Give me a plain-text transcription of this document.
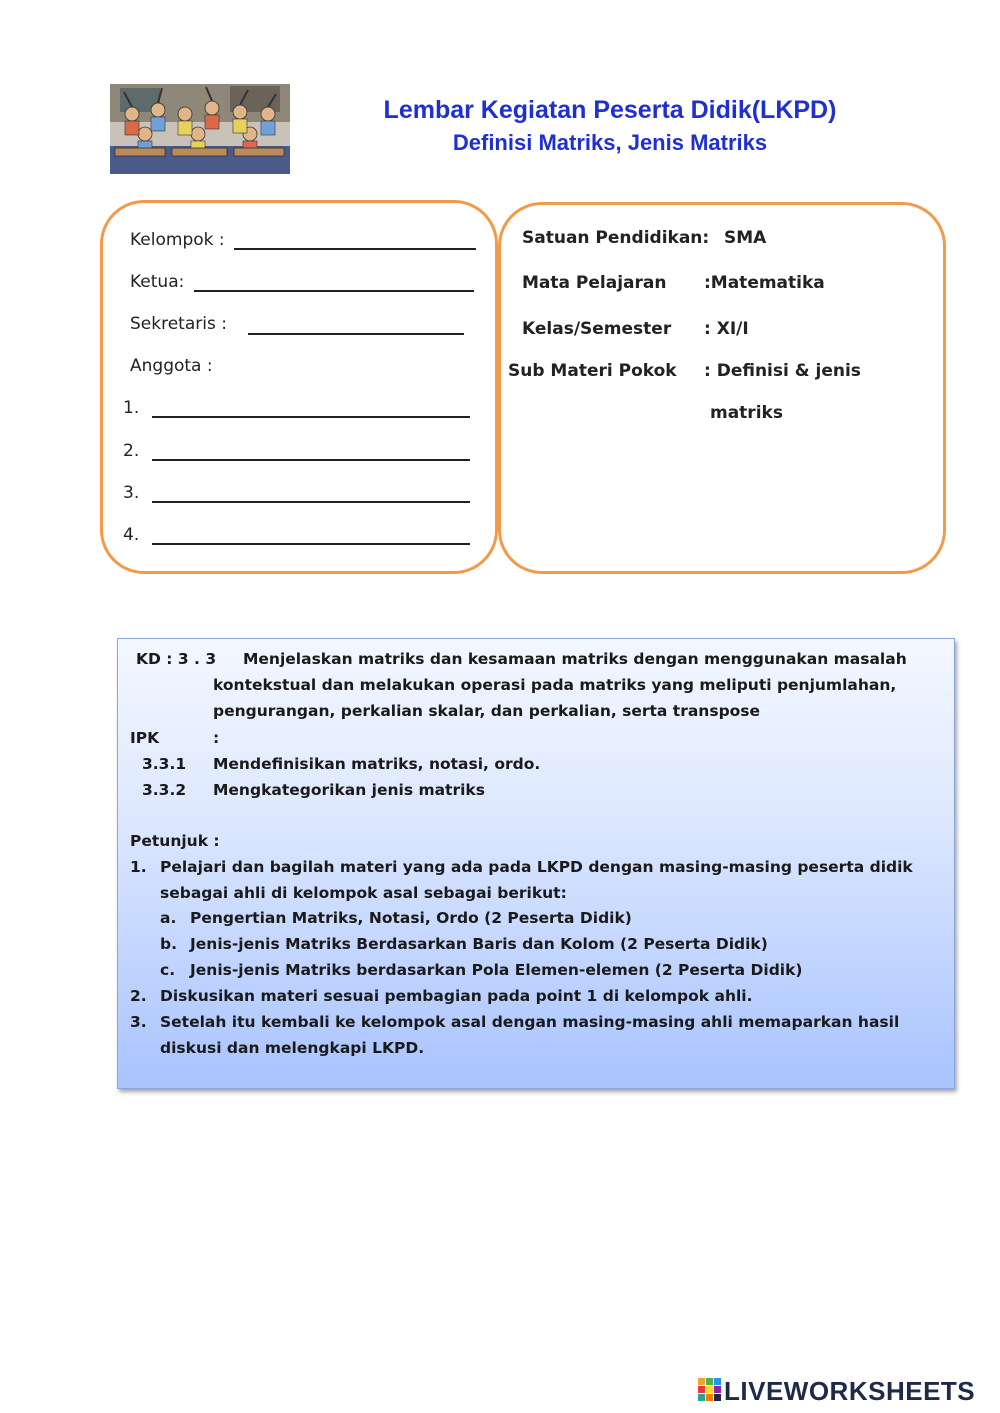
Lembar Kegiatan Peserta Didik(LKPD)
Definisi Matriks, Jenis Matriks
Kelompok :
Ketua:
Sekretaris :
Anggota :
1.
2.
3.
4.
Satuan Pendidikan: SMA
Mata Pelajaran :Matematika
Kelas/Semester : XI/I
Sub Materi Pokok : Definisi & jenis
matriks
KD : 3 . 3 Menjelaskan matriks dan kesamaan matriks dengan menggunakan masalah
kontekstual dan melakukan operasi pada matriks yang meliputi penjumlahan,
pengurangan, perkalian skalar, dan perkalian, serta transpose
IPK	:
3.3.1 Mendefinisikan matriks, notasi, ordo.
3.3.2 Mengkategorikan jenis matriks
Petunjuk :
1. Pelajari dan bagilah materi yang ada pada LKPD dengan masing-masing peserta didik
sebagai ahli di kelompok asal sebagai berikut:
a. Pengertian Matriks, Notasi, Ordo (2 Peserta Didik)
b. Jenis-jenis Matriks Berdasarkan Baris dan Kolom (2 Peserta Didik)
c. Jenis-jenis Matriks berdasarkan Pola Elemen-elemen (2 Peserta Didik)
2. Diskusikan materi sesuai pembagian pada point 1 di kelompok ahli.
3. Setelah itu kembali ke kelompok asal dengan masing-masing ahli memaparkan hasil
diskusi dan melengkapi LKPD.
LIVEWORKSHEETS
